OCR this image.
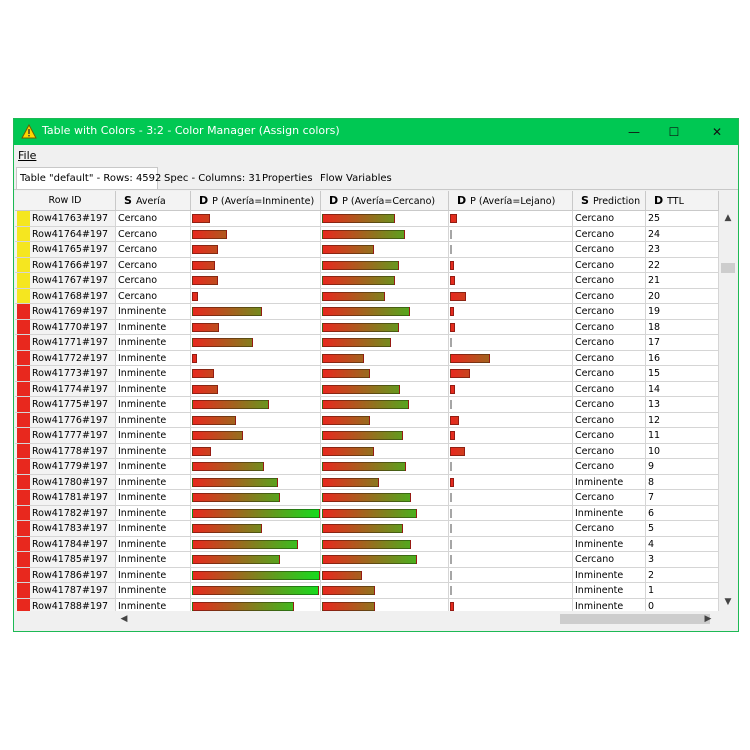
Table with Colors - 3:2 - Color Manager (Assign colors)	—	☐	✕
File
Table "default" - Rows: 4592 Spec - Columns: 31 Properties Flow Variables
Row ID	S Avería	D P (Avería=Inminente)	D P (Avería=Cercano)	D P (Avería=Lejano)	S Prediction	D TTL
Row41763#197 Cercano	Cercano	25
Row41764#197 Cercano	Cercano	24
Row41765#197 Cercano	Cercano	23
Row41766#197 Cercano	Cercano	22
Row41767#197 Cercano	Cercano	21
Row41768#197 Cercano	Cercano	20
Row41769#197 Inminente	Cercano	19
Row41770#197 Inminente	Cercano	18
Row41771#197 Inminente	Cercano	17
Row41772#197 Inminente	Cercano	16
Row41773#197 Inminente	Cercano	15
Row41774#197 Inminente	Cercano	14
Row41775#197 Inminente	Cercano	13
Row41776#197 Inminente	Cercano	12
Row41777#197 Inminente	Cercano	11
Row41778#197 Inminente	Cercano	10
Row41779#197 Inminente	Cercano	9
Row41780#197 Inminente	Inminente	8
Row41781#197 Inminente	Cercano	7
Row41782#197 Inminente	Inminente	6
Row41783#197 Inminente	Cercano	5
Row41784#197 Inminente	Inminente	4
Row41785#197 Inminente	Cercano	3
Row41786#197 Inminente	Inminente	2
Row41787#197 Inminente	Inminente	1
Row41788#197 Inminente	Inminente	0
▲
▼
◀	▶
